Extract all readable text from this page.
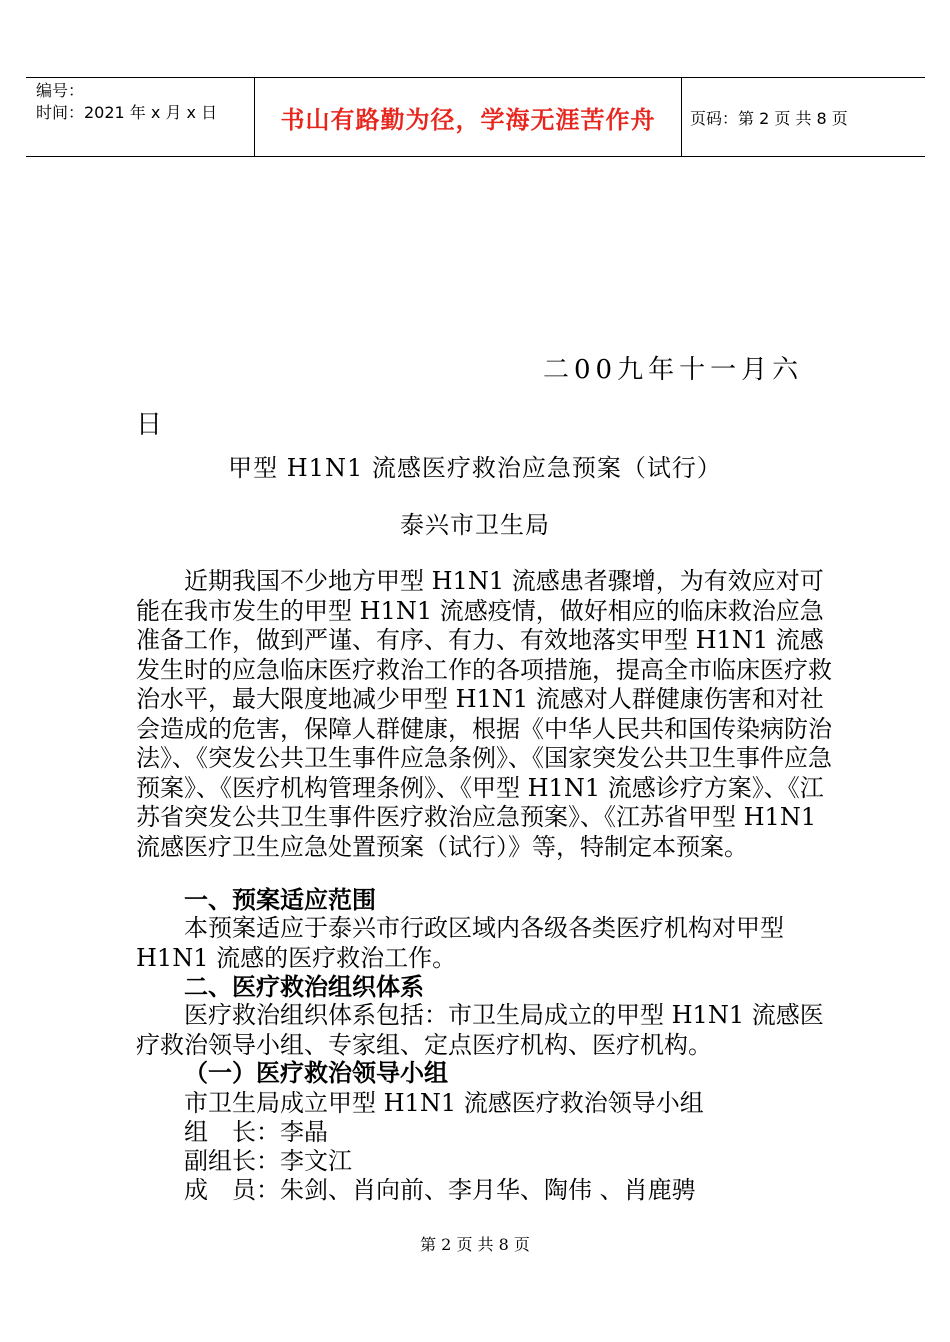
编号：
时间：2021 年 x 月 x 日	书山有路勤为径，学海无涯苦作舟 页码：第 2 页 共 8 页
二00九年十一月六
日
甲型 H1N1 流感医疗救治应急预案（试行）
泰兴市卫生局

近期我国不少地方甲型 H1N1 流感患者骤增，为有效应对可能在我市发生的甲型 H1N1 流感疫情，做好相应的临床救治应急准备工作，做到严谨、有序、有力、有效地落实甲型 H1N1 流感发生时的应急临床医疗救治工作的各项措施，提高全市临床医疗救治水平，最大限度地减少甲型 H1N1 流感对人群健康伤害和对社会造成的危害，保障人群健康，根据《中华人民共和国传染病防治法》、《突发公共卫生事件应急条例》、《国家突发公共卫生事件应急预案》、《医疗机构管理条例》、《甲型 H1N1 流感诊疗方案》、《江苏省突发公共卫生事件医疗救治应急预案》、《江苏省甲型 H1N1 流感医疗卫生应急处置预案（试行）》等，特制定本预案。

一、预案适应范围

本预案适应于泰兴市行政区域内各级各类医疗机构对甲型 H1N1 流感的医疗救治工作。

二、医疗救治组织体系

医疗救治组织体系包括：市卫生局成立的甲型 H1N1 流感医疗救治领导小组、专家组、定点医疗机构、医疗机构。

（一）医疗救治领导小组
市卫生局成立甲型 H1N1 流感医疗救治领导小组
组　长：李晶
副组长：李文江
成　员：朱剑、肖向前、李月华、陶伟 、肖鹿骋
第 2 页 共 8 页
